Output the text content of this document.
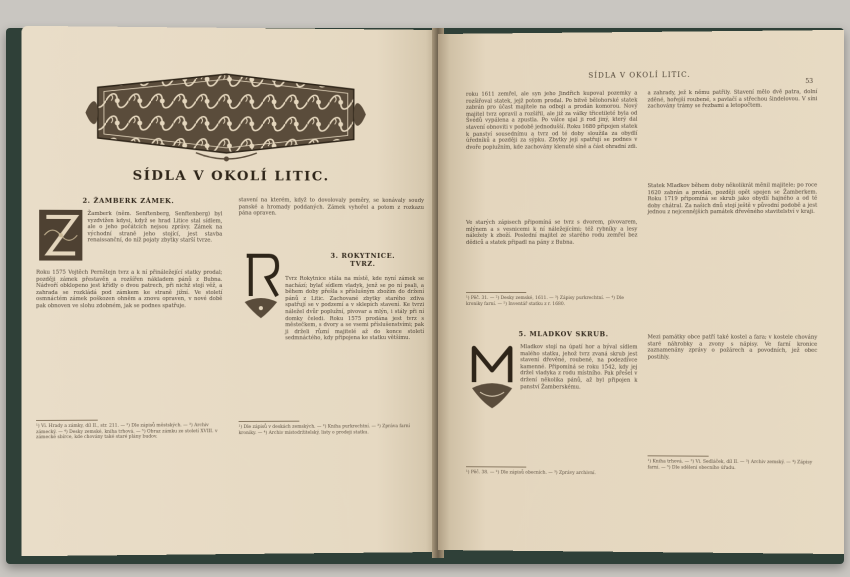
SÍDLA V OKOLÍ LITIC.
2. ŽAMBERK ZÁMEK.
Žamberk (něm. Senftenberg, Senftenberg) byl vyzdvižen kdysi, když se hrad Litice stal sídlem, ale o jeho počátcích nejsou zprávy. Zámek na východní straně jeho stojící, jest stavba renaissanční, do níž pojaty zbytky starší tvrze.
Roku 1575 Vojtěch Pernštejn tvrz a k ní přináležející statky prodal; později zámek přestavěn a rozšířen nákladem pánů z Bubna. Nádvoří obklopeno jest křídly o dvou patrech, při nichž stojí věž, a zahrada se rozkládá pod zámkem ke straně jižní. Ve století osmnáctém zámek poškozen ohněm a znovu opraven, v nové době pak obnoven ve slohu zdobném, jak se podnes spatřuje.
¹) Vi. Hrady a zámky, díl II., str. 211. — ²) Dle zápisů městských. — ³) Archiv zámecký. — ⁴) Desky zemské, kniha trhová. — ⁵) Obraz zámku ze století XVIII. v zámecké sbírce, kde chovány také staré plány budov.
stavení na kterém, když to dovolovaly poměry, se konávaly soudy panské a hromady poddaných. Zámek vyhořel a potom z rozkazu pána opraven.
3. ROKYTNICE.
TVRZ.
Tvrz Rokytnice stála na místě, kde nyní zámek se nachází; bylať sídlem vladyk, jenž se po ní psali, a během doby přešla s příslušným zbožím do držení pánů z Litic. Zachované zbytky starého zdiva spatřují se v podzemí a v sklepích stavení. Ke tvrzi náležel dvůr poplužní, pivovar a mlýn, i stály při ní domky čeledi. Roku 1575 prodána jest tvrz s městečkem, s dvory a se vsemi příslušenstvími; pak ji drželi různí majitelé až do konce století sedmnáctého, kdy připojena ke statku většímu.
¹) Dle zápisů v deskách zemských. — ²) Kniha purkrechtní. — ³) Zpráva farní kroniky. — ⁴) Archiv místodržitelský, listy o prodeji statku.
SÍDLA V OKOLÍ LITIC.
53
roku 1611 zemřel, ale syn jeho Jindřich kupoval pozemky a rozšiřoval statek, jejž potom prodal. Po bitvě bělohorské statek zabrán pro účast majitele na odboji a prodán komorou. Nový majitel tvrz opravil a rozšířil, ale již za války třicetileté byla od Švédů vypálena a zpustla. Po válce ujal ji rod jiný, který dal stavení obnoviti v podobě jednodušší. Roku 1680 připojen statek k panství sousednímu a tvrz od té doby sloužila za obydlí úředníků a později za sýpku. Zbytky její spatřují se podnes v dvoře poplužním, kde zachovány klenuté síně a část ohradní zdi.
Ve starých zápisech připomíná se tvrz s dvorem, pivovarem, mlýnem a s vesnicemi k ní náležejícími; též rybníky a lesy náležely k zboží. Poslední majitel ze starého rodu zemřel bez dědiců a statek připadl na pány z Bubna.
¹) Pěč. 31. — ²) Desky zemské, 1611. — ³) Zápisy purkrechtní. — ⁴) Dle kroniky farní. — ⁵) Inventář statku z r. 1680.
5. MLADKOV SKRUB.
Mladkov stojí na úpatí hor a býval sídlem malého statku, jehož tvrz zvaná skrub jest stavení dřevěné, roubené, na podezdívce kamenné. Připomíná se roku 1542, kdy jej držel vladyka z rodu místního. Pak přešel v držení několika pánů, až byl připojen k panství Žamberskému.
¹) Pěč. 38. — ²) Dle zápisů obecních. — ³) Zprávy archivní.
a zahrady, jež k němu patřily. Stavení mělo dvě patra, dolní zděné, hořejší roubené, s pavlačí a střechou šindelovou. V síni zachovány trámy se řezbami a letopočtem.
Statek Mladkov během doby několikrát měnil majitele; po roce 1620 zabrán a prodán, později opět spojen se Žamberkem. Roku 1719 připomíná se skrub jako obydlí hajného a od té doby chátral. Za našich dnů stojí ještě v původní podobě a jest jednou z nejcennějších památek dřevěného stavitelství v kraji.
Mezi památky obce patří také kostel a fara; v kostele chovány staré náhrobky a zvony s nápisy. Ve farní kronice zaznamenány zprávy o požárech a povodních, jež obec postihly.
¹) Kniha trhová. — ²) Vi. Sedláček, díl II. — ³) Archiv zemský. — ⁴) Zápisy farní. — ⁵) Dle sdělení obecního úřadu.
